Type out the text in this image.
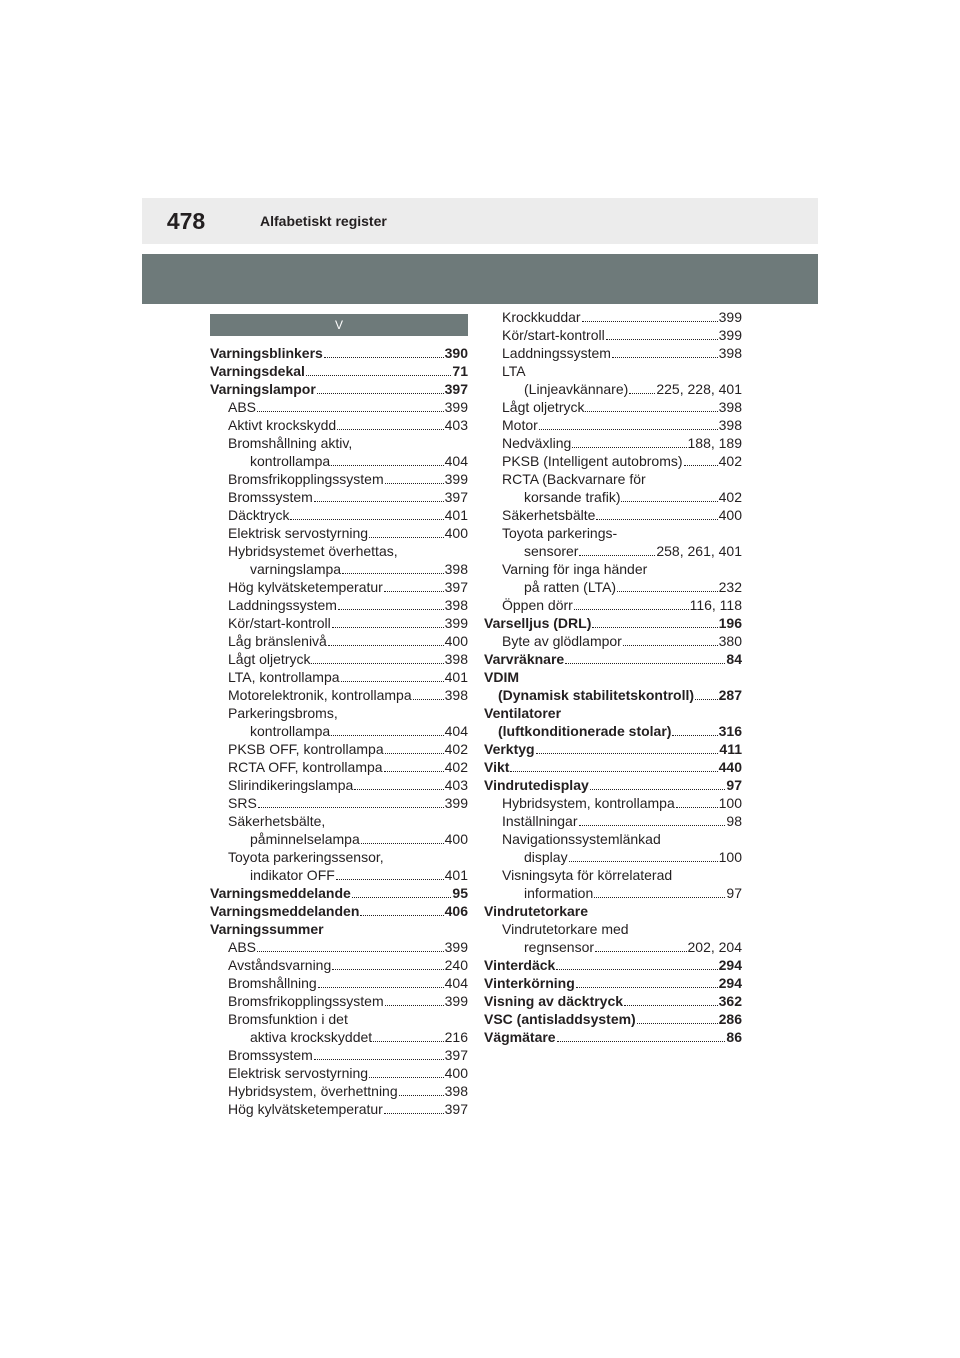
478	Alfabetiskt register
V
Varningsblinkers	390
Varningsdekal	71
Varningslampor	397
ABS	399
Aktivt krockskydd	403
Bromshållning aktiv,
kontrollampa	404
Bromsfrikopplingssystem	399
Bromssystem	397
Däcktryck	401
Elektrisk servostyrning	400
Hybridsystemet överhettas,
varningslampa	398
Hög kylvätsketemperatur	397
Laddningssystem	398
Kör/start-kontroll	399
Låg bränslenivå	400
Lågt oljetryck	398
LTA, kontrollampa	401
Motorelektronik, kontrollampa 398
Parkeringsbroms,
kontrollampa	404
PKSB OFF, kontrollampa	402
RCTA OFF, kontrollampa	402
Slirindikeringslampa	403
SRS	399
Säkerhetsbälte,
påminnelselampa	400
Toyota parkeringssensor,
indikator OFF	401
Varningsmeddelande	95
Varningsmeddelanden	406
Varningssummer
ABS	399
Avståndsvarning	240
Bromshållning	404
Bromsfrikopplingssystem	399
Bromsfunktion i det
aktiva krockskyddet	216
Bromssystem	397
Elektrisk servostyrning	400
Hybridsystem, överhettning	398
Hög kylvätsketemperatur	397
Krockkuddar	399
Kör/start-kontroll	399
Laddningssystem	398
LTA
(Linjeavkännare) 225, 228, 401
Lågt oljetryck	398
Motor	398
Nedväxling	188, 189
PKSB (Intelligent autobroms)	402
RCTA (Backvarnare för
korsande trafik)	402
Säkerhetsbälte	400
Toyota parkerings-
sensorer	258, 261, 401
Varning för inga händer
på ratten (LTA)	232
Öppen dörr	116, 118
Varselljus (DRL)	196
Byte av glödlampor	380
Varvräknare	84
VDIM
(Dynamisk stabilitetskontroll) 287
Ventilatorer
(luftkonditionerade stolar)	316
Verktyg	411
Vikt	440
Vindrutedisplay	97
Hybridsystem, kontrollampa	100
Inställningar	98
Navigationssystemlänkad
display	100
Visningsyta för körrelaterad
information	97
Vindrutetorkare
Vindrutetorkare med
regnsensor	202, 204
Vinterdäck	294
Vinterkörning	294
Visning av däcktryck	362
VSC (antisladdsystem)	286
Vägmätare	86
